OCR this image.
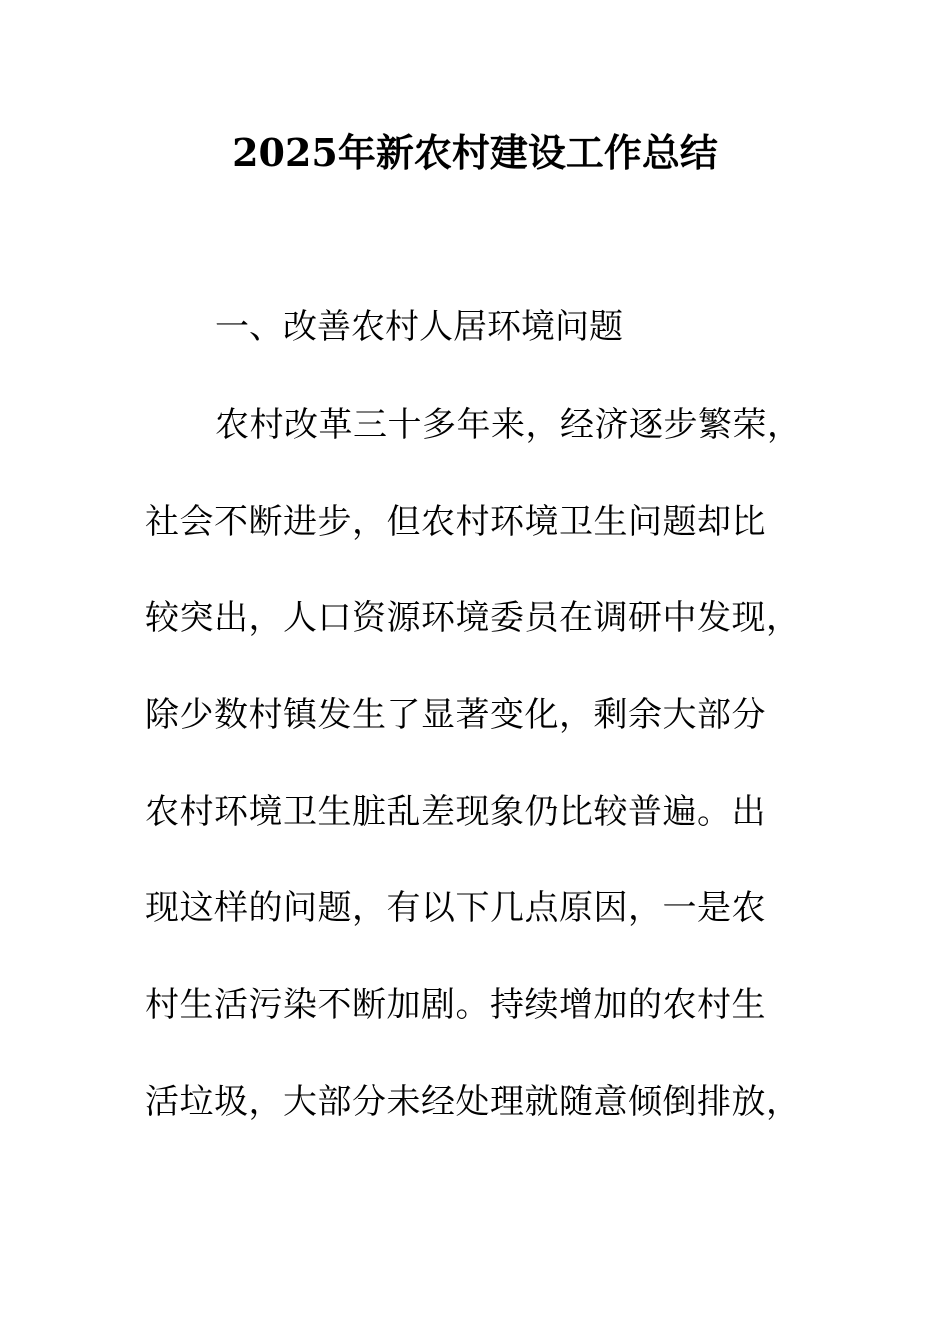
2025年新农村建设工作总结
一、改善农村人居环境问题
农村改革三十多年来，经济逐步繁荣，
社会不断进步，但农村环境卫生问题却比
较突出，人口资源环境委员在调研中发现，
除少数村镇发生了显著变化，剩余大部分
农村环境卫生脏乱差现象仍比较普遍。出
现这样的问题，有以下几点原因，一是农
村生活污染不断加剧。持续增加的农村生
活垃圾，大部分未经处理就随意倾倒排放，
